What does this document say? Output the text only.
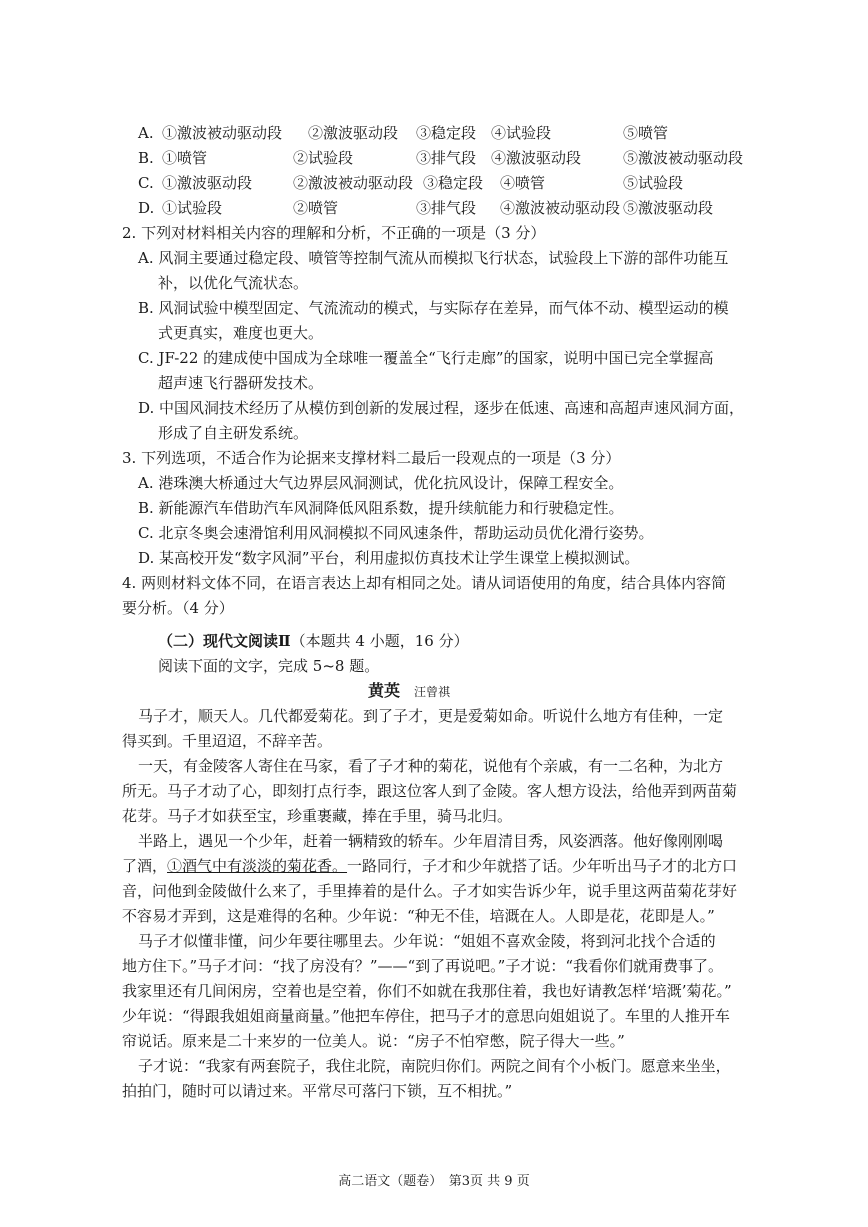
A. ①激波被动驱动段 ②激波驱动段 ③稳定段 ④试验段	⑤喷管
B. ①喷管	②试验段	③排气段 ④激波驱动段	⑤激波被动驱动段
C. ①激波驱动段	②激波被动驱动段 ③稳定段 ④喷管	⑤试验段
D. ①试验段	②喷管	③排气段 ④激波被动驱动段 ⑤激波驱动段
2. 下列对材料相关内容的理解和分析，不正确的一项是（3 分）
A. 风洞主要通过稳定段、喷管等控制气流从而模拟飞行状态，试验段上下游的部件功能互
补，以优化气流状态。
B. 风洞试验中模型固定、气流流动的模式，与实际存在差异，而气体不动、模型运动的模
式更真实，难度也更大。
C. JF-22 的建成使中国成为全球唯一覆盖全“飞行走廊”的国家，说明中国已完全掌握高
超声速飞行器研发技术。
D. 中国风洞技术经历了从模仿到创新的发展过程，逐步在低速、高速和高超声速风洞方面，
形成了自主研发系统。
3. 下列选项，不适合作为论据来支撑材料二最后一段观点的一项是（3 分）
A. 港珠澳大桥通过大气边界层风洞测试，优化抗风设计，保障工程安全。
B. 新能源汽车借助汽车风洞降低风阻系数，提升续航能力和行驶稳定性。
C. 北京冬奥会速滑馆利用风洞模拟不同风速条件，帮助运动员优化滑行姿势。
D. 某高校开发“数字风洞”平台，利用虚拟仿真技术让学生课堂上模拟测试。
4. 两则材料文体不同，在语言表达上却有相同之处。请从词语使用的角度，结合具体内容简
要分析。（4 分）
（二）现代文阅读Ⅱ（本题共 4 小题，16 分）
阅读下面的文字，完成 5~8 题。
黄英 汪曾祺
马子才，顺天人。几代都爱菊花。到了子才，更是爱菊如命。听说什么地方有佳种，一定
得买到。千里迢迢，不辞辛苦。
一天，有金陵客人寄住在马家，看了子才种的菊花，说他有个亲戚，有一二名种，为北方
所无。马子才动了心，即刻打点行李，跟这位客人到了金陵。客人想方设法，给他弄到两苗菊
花芽。马子才如获至宝，珍重裹藏，捧在手里，骑马北归。
半路上，遇见一个少年，赶着一辆精致的轿车。少年眉清目秀，风姿洒落。他好像刚刚喝
了酒，①酒气中有淡淡的菊花香。一路同行，子才和少年就搭了话。少年听出马子才的北方口
音，问他到金陵做什么来了，手里捧着的是什么。子才如实告诉少年，说手里这两苗菊花芽好
不容易才弄到，这是难得的名种。少年说：“种无不佳，培溉在人。人即是花，花即是人。”
马子才似懂非懂，问少年要往哪里去。少年说：“姐姐不喜欢金陵，将到河北找个合适的
地方住下。”马子才问：“找了房没有？”——“到了再说吧。”子才说：“我看你们就甭费事了。
我家里还有几间闲房，空着也是空着，你们不如就在我那住着，我也好请教怎样‘培溉’菊花。”
少年说：“得跟我姐姐商量商量。”他把车停住，把马子才的意思向姐姐说了。车里的人推开车
帘说话。原来是二十来岁的一位美人。说：“房子不怕窄憋，院子得大一些。”
子才说：“我家有两套院子，我住北院，南院归你们。两院之间有个小板门。愿意来坐坐，
拍拍门，随时可以请过来。平常尽可落闩下锁，互不相扰。”
高二语文（题卷）　第3页 共 9 页
